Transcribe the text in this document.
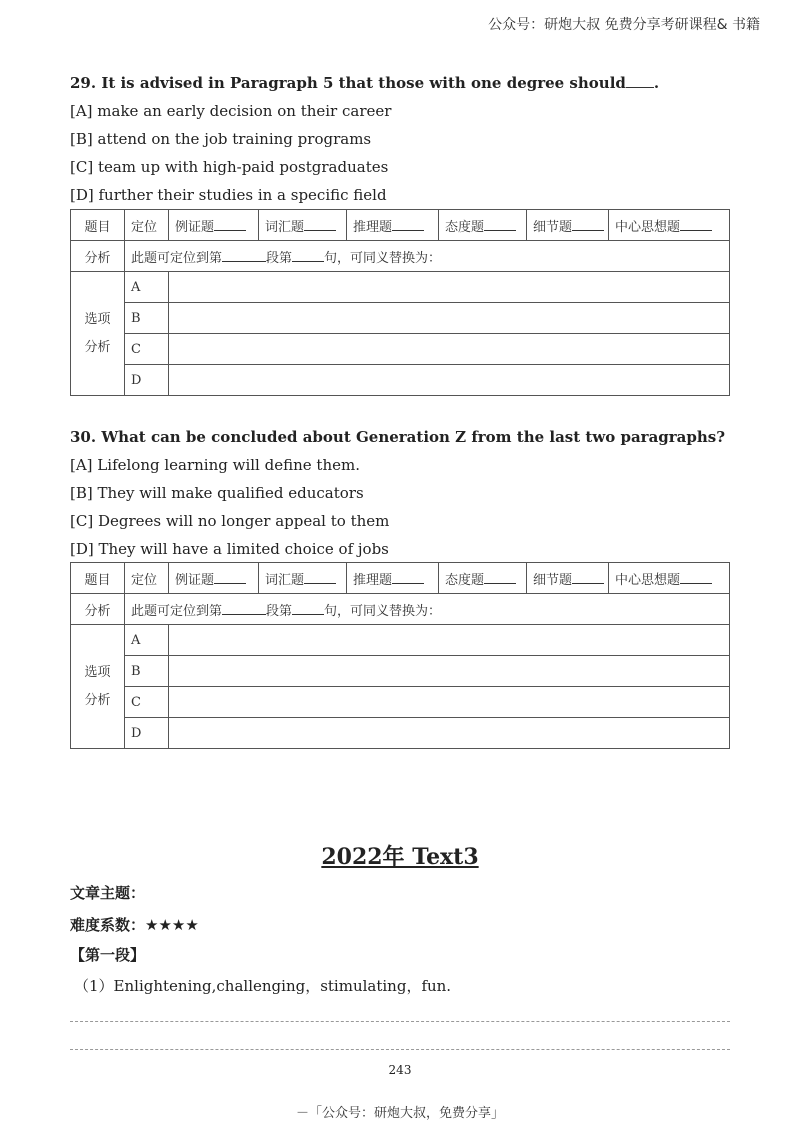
公众号：研炮大叔 免费分享考研课程& 书籍
29. It is advised in Paragraph 5 that those with one degree should .
[A] make an early decision on their career
[B] attend on the job training programs
[C] team up with high-paid postgraduates
[D] further their studies in a specific field
题目	定位	例证题	词汇题	推理题	态度题	细节题	中心思想题
分析	此题可定位到第 段第 句，可同义替换为：						
选项
分析	A						
	B						
	C						
	D						
30. What can be concluded about Generation Z from the last two paragraphs?
[A] Lifelong learning will define them.
[B] They will make qualified educators
[C] Degrees will no longer appeal to them
[D] They will have a limited choice of jobs
题目	定位	例证题	词汇题	推理题	态度题	细节题	中心思想题
分析	此题可定位到第 段第 句，可同义替换为：						
选项
分析	A						
	B						
	C						
	D						
2022年 Text3
文章主题：
难度系数：★★★★
【第一段】
（1）Enlightening,challenging，stimulating，fun.
243
－「公众号：研炮大叔，免费分享」
